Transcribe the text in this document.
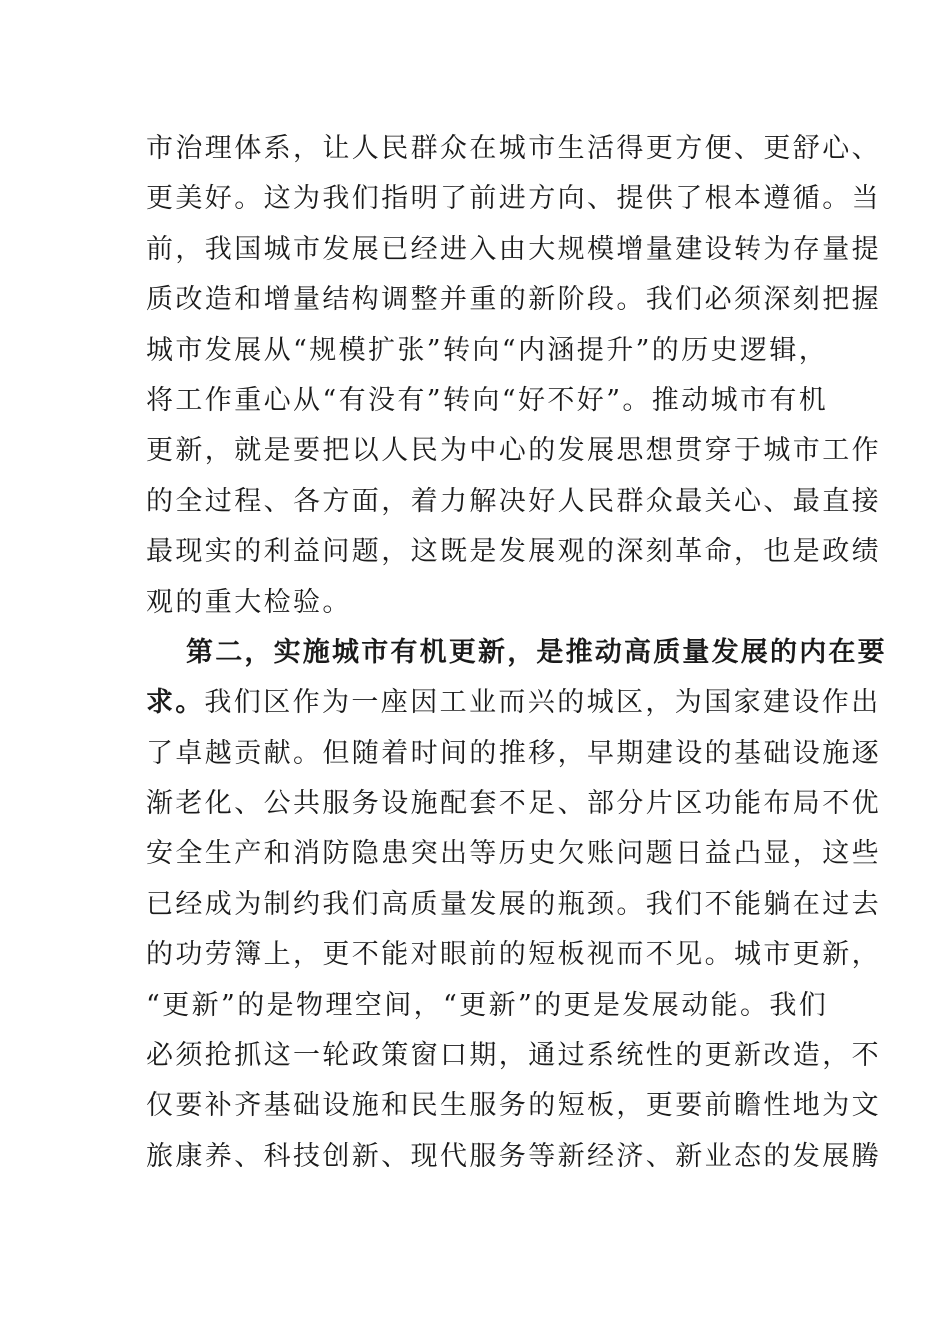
市治理体系，让人民群众在城市生活得更方便、更舒心、
更美好。这为我们指明了前进方向、提供了根本遵循。当
前，我国城市发展已经进入由大规模增量建设转为存量提
质改造和增量结构调整并重的新阶段。我们必须深刻把握
城市发展从“规模扩张”转向“内涵提升”的历史逻辑，
将工作重心从“有没有”转向“好不好”。推动城市有机
更新，就是要把以人民为中心的发展思想贯穿于城市工作
的全过程、各方面，着力解决好人民群众最关心、最直接
最现实的利益问题，这既是发展观的深刻革命，也是政绩
观的重大检验。
第二，实施城市有机更新，是推动高质量发展的内在要
求。我们区作为一座因工业而兴的城区，为国家建设作出
了卓越贡献。但随着时间的推移，早期建设的基础设施逐
渐老化、公共服务设施配套不足、部分片区功能布局不优
安全生产和消防隐患突出等历史欠账问题日益凸显，这些
已经成为制约我们高质量发展的瓶颈。我们不能躺在过去
的功劳簿上，更不能对眼前的短板视而不见。城市更新，
“更新”的是物理空间，“更新”的更是发展动能。我们
必须抢抓这一轮政策窗口期，通过系统性的更新改造，不
仅要补齐基础设施和民生服务的短板，更要前瞻性地为文
旅康养、科技创新、现代服务等新经济、新业态的发展腾
